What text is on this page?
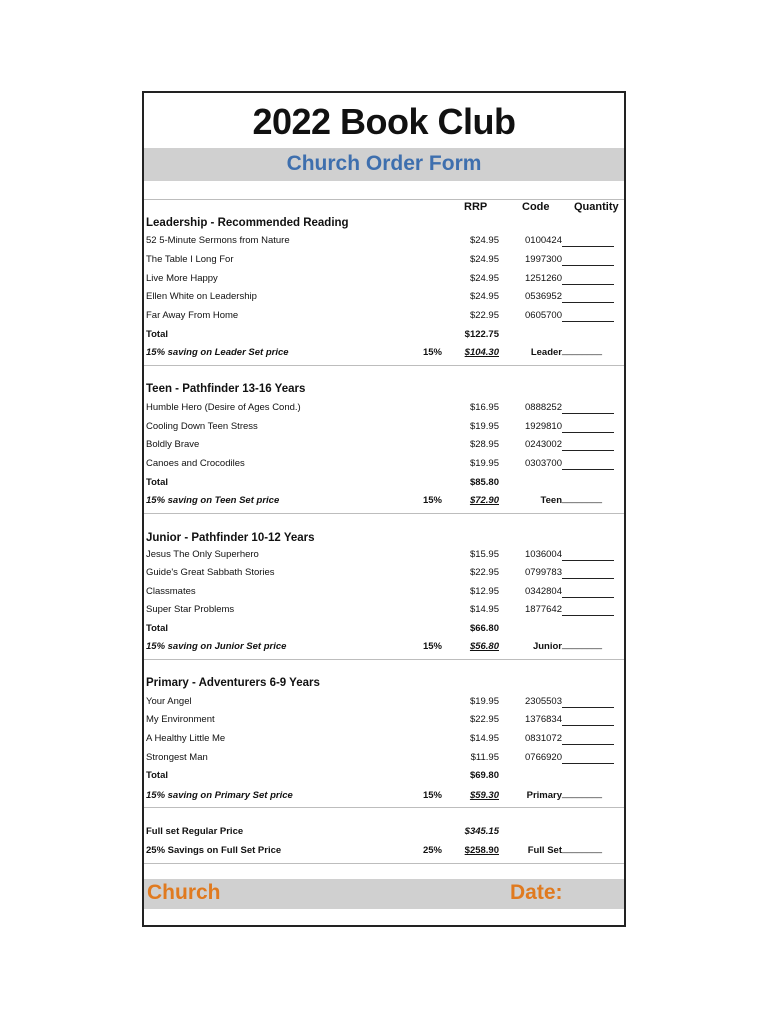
2022 Book Club
Church Order Form
RRP	Code Quantity
Leadership - Recommended Reading
52 5-Minute Sermons from Nature	$24.95	0100424
The Table I Long For	$24.95	1997300
Live More Happy	$24.95	1251260
Ellen White on Leadership	$24.95	0536952
Far Away From Home	$22.95	0605700
Total	$122.75
15% saving on Leader Set price	15% $104.30	Leader ________
Teen - Pathfinder 13-16 Years
Humble Hero (Desire of Ages Cond.)	$16.95	0888252
Cooling Down Teen Stress	$19.95	1929810
Boldly Brave	$28.95	0243002
Canoes and Crocodiles	$19.95	0303700
Total	$85.80
15% saving on Teen Set price	15%	$72.90	Teen ________
Junior - Pathfinder 10-12 Years
Jesus The Only Superhero	$15.95	1036004
Guide's Great Sabbath Stories	$22.95	0799783
Classmates	$12.95	0342804
Super Star Problems	$14.95	1877642
Total	$66.80
15% saving on Junior Set price	15%	$56.80	Junior ________
Primary - Adventurers 6-9 Years
Your Angel	$19.95	2305503
My Environment	$22.95	1376834
A Healthy Little Me	$14.95	0831072
Strongest Man	$11.95	0766920
Total	$69.80
15% saving on Primary Set price	15%	$59.30	Primary ________
Full set Regular Price	$345.15
25% Savings on Full Set Price	25% $258.90	Full Set ________
Church	Date:
